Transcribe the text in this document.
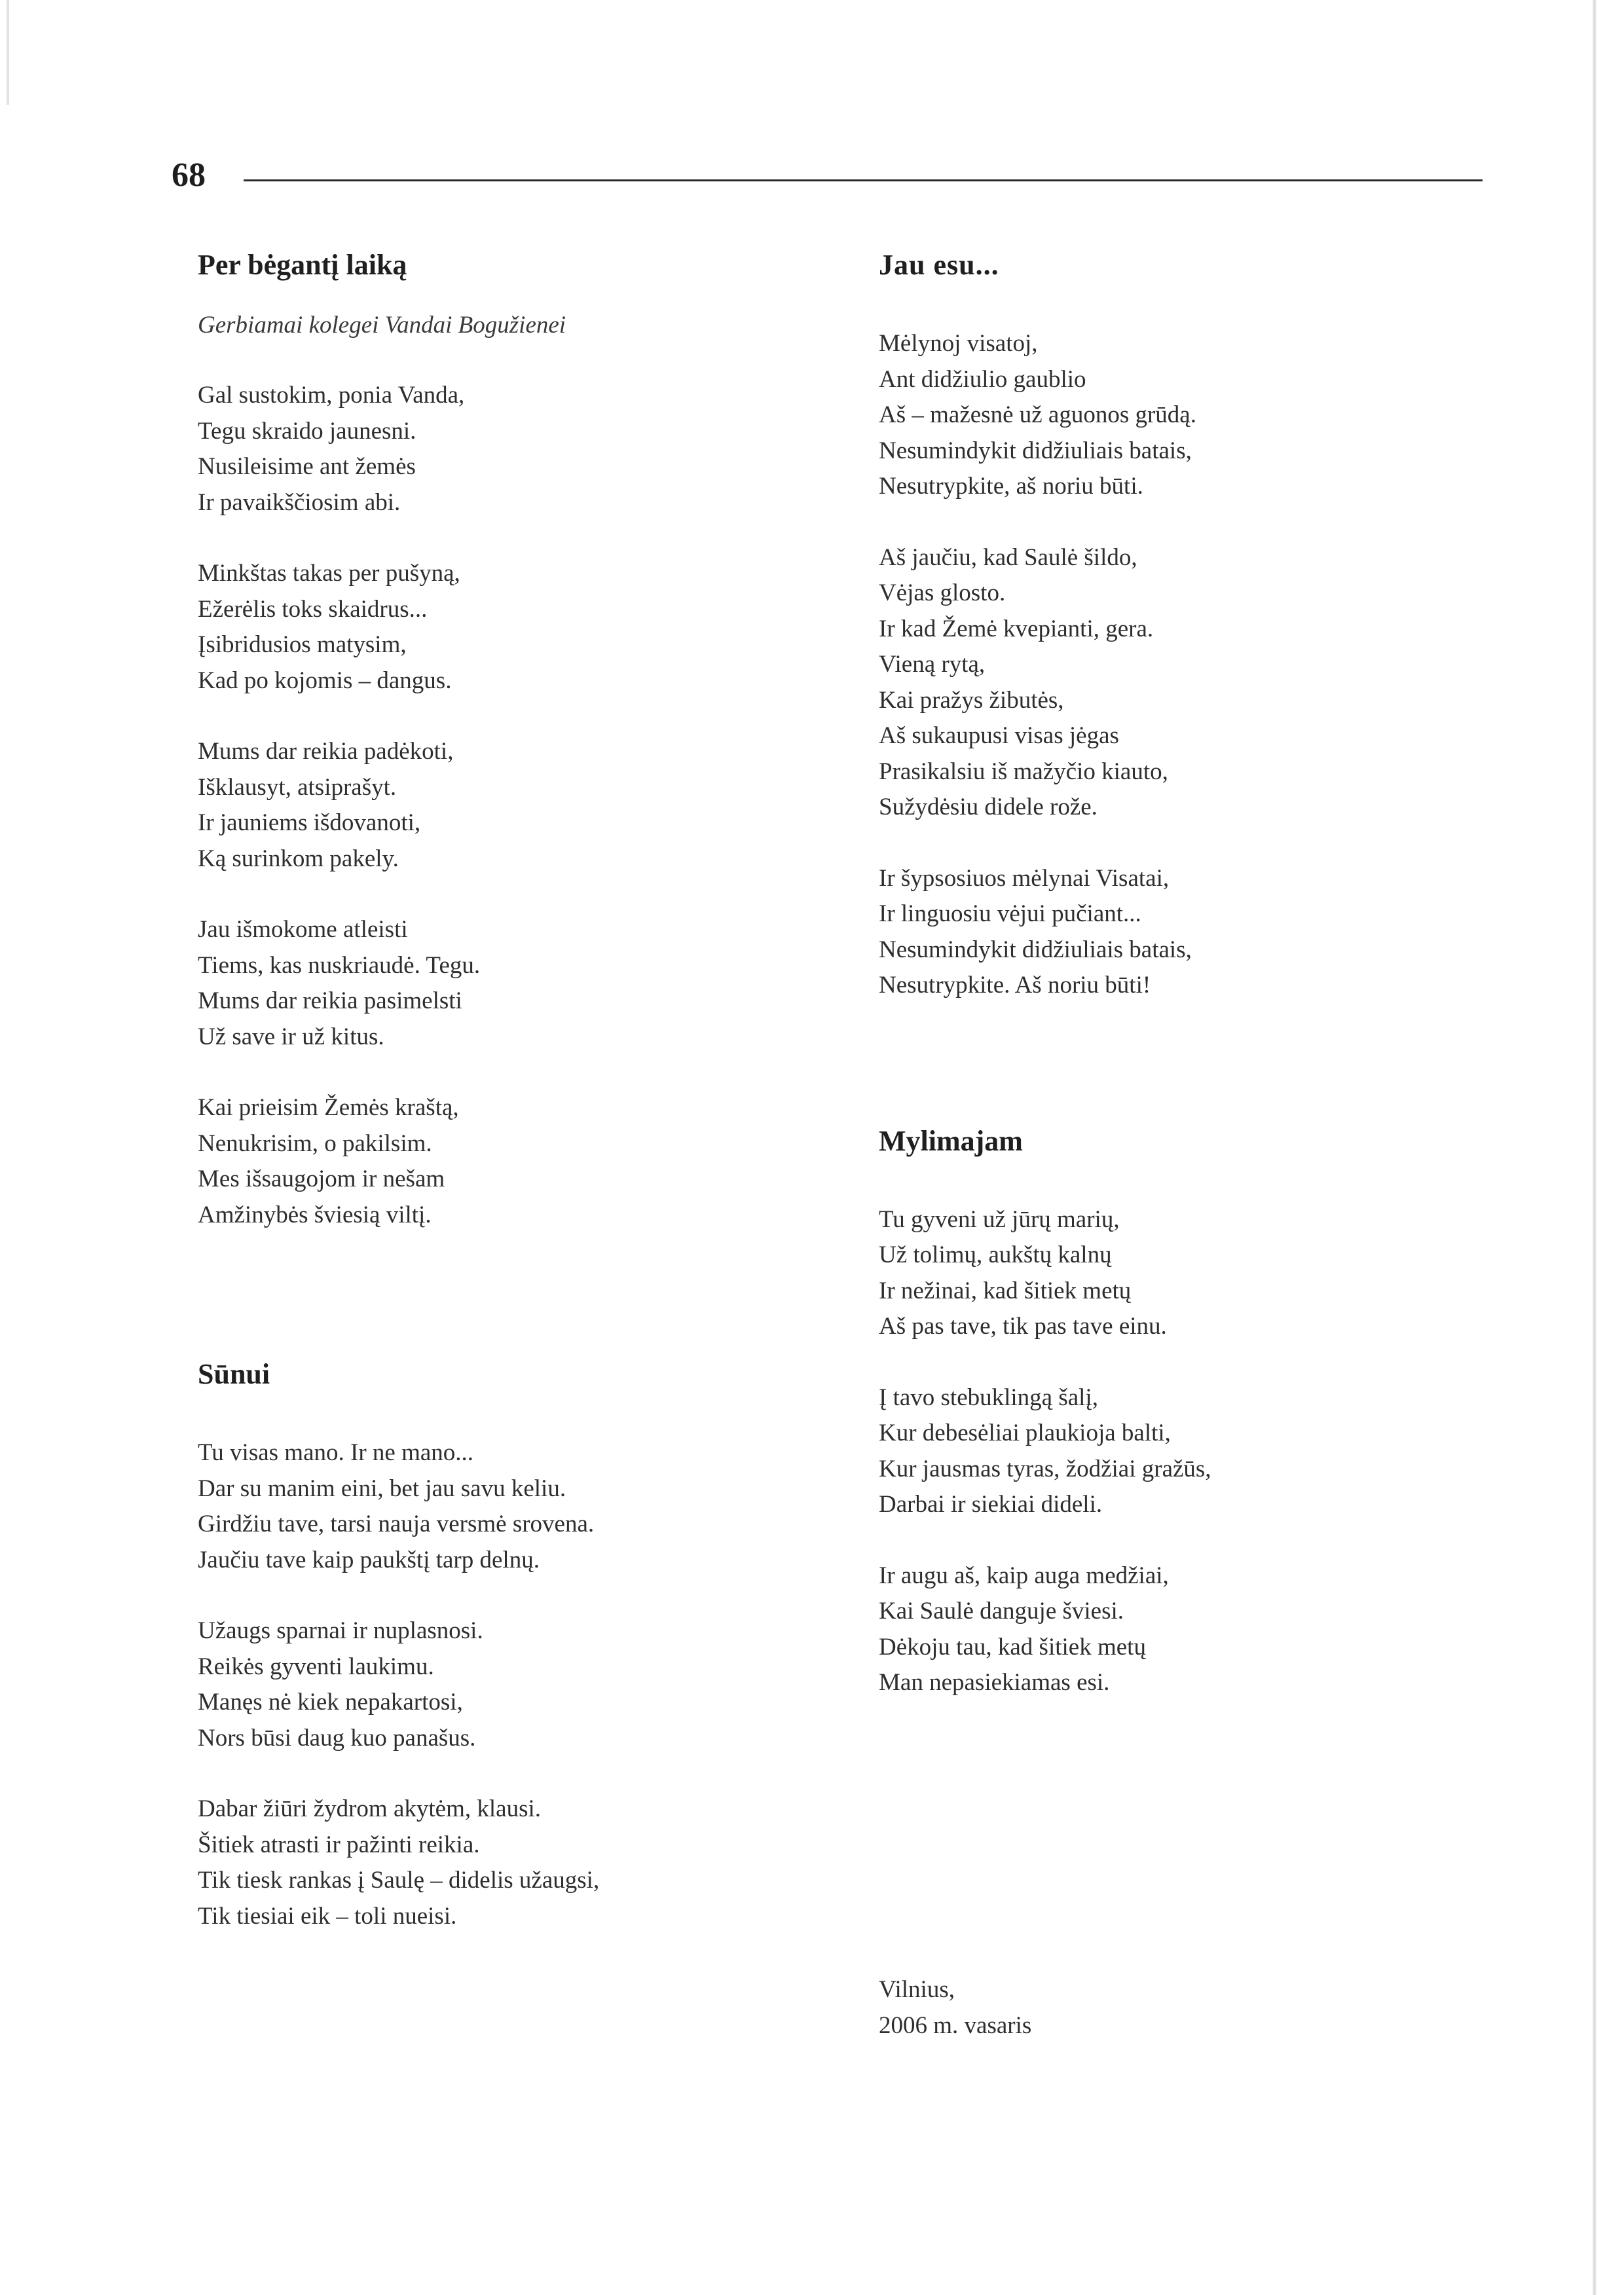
68
Per bėgantį laiką
Gerbiamai kolegei Vandai Bogužienei
Gal sustokim, ponia Vanda,
Tegu skraido jaunesni.
Nusileisime ant žemės
Ir pavaikščiosim abi.
Minkštas takas per pušyną,
Ežerėlis toks skaidrus...
Įsibridusios matysim,
Kad po kojomis – dangus.
Mums dar reikia padėkoti,
Išklausyt, atsiprašyt.
Ir jauniems išdovanoti,
Ką surinkom pakely.
Jau išmokome atleisti
Tiems, kas nuskriaudė. Tegu.
Mums dar reikia pasimelsti
Už save ir už kitus.
Kai prieisim Žemės kraštą,
Nenukrisim, o pakilsim.
Mes išsaugojom ir nešam
Amžinybės šviesią viltį.
Sūnui
Tu visas mano. Ir ne mano...
Dar su manim eini, bet jau savu keliu.
Girdžiu tave, tarsi nauja versmė srovena.
Jaučiu tave kaip paukštį tarp delnų.
Užaugs sparnai ir nuplasnosi.
Reikės gyventi laukimu.
Manęs nė kiek nepakartosi,
Nors būsi daug kuo panašus.
Dabar žiūri žydrom akytėm, klausi.
Šitiek atrasti ir pažinti reikia.
Tik tiesk rankas į Saulę – didelis užaugsi,
Tik tiesiai eik – toli nueisi.
Jau esu...
Mėlynoj visatoj,
Ant didžiulio gaublio
Aš – mažesnė už aguonos grūdą.
Nesumindykit didžiuliais batais,
Nesutrypkite, aš noriu būti.
Aš jaučiu, kad Saulė šildo,
Vėjas glosto.
Ir kad Žemė kvepianti, gera.
Vieną rytą,
Kai pražys žibutės,
Aš sukaupusi visas jėgas
Prasikalsiu iš mažyčio kiauto,
Sužydėsiu didele rože.
Ir šypsosiuos mėlynai Visatai,
Ir linguosiu vėjui pučiant...
Nesumindykit didžiuliais batais,
Nesutrypkite. Aš noriu būti!
Mylimajam
Tu gyveni už jūrų marių,
Už tolimų, aukštų kalnų
Ir nežinai, kad šitiek metų
Aš pas tave, tik pas tave einu.
Į tavo stebuklingą šalį,
Kur debesėliai plaukioja balti,
Kur jausmas tyras, žodžiai gražūs,
Darbai ir siekiai dideli.
Ir augu aš, kaip auga medžiai,
Kai Saulė danguje šviesi.
Dėkoju tau, kad šitiek metų
Man nepasiekiamas esi.
Vilnius,
2006 m. vasaris
